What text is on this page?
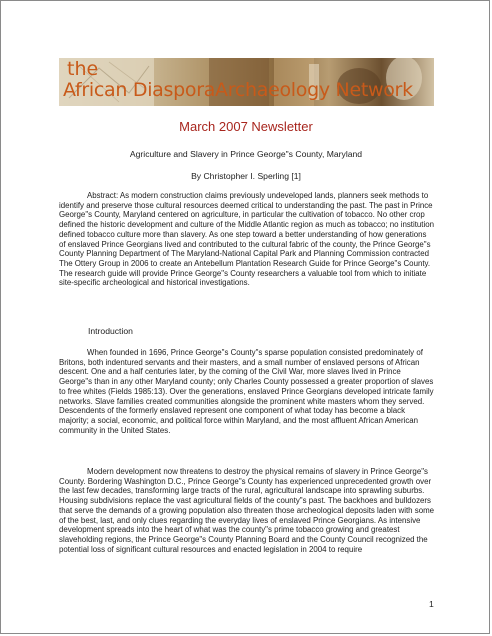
the
African DiasporaArchaeology Network
March 2007 Newsletter
Agriculture and Slavery in Prince George"s County, Maryland
By Christopher I. Sperling [1]

Abstract: As modern construction claims previously undeveloped lands, planners seek methods to identify and preserve those cultural resources deemed critical to understanding the past. The past in Prince George"s County, Maryland centered on agriculture, in particular the cultivation of tobacco. No other crop defined the historic development and culture of the Middle Atlantic region as much as tobacco; no institution defined tobacco culture more than slavery. As one step toward a better understanding of how generations of enslaved Prince Georgians lived and contributed to the cultural fabric of the county, the Prince George"s County Planning Department of The Maryland-National Capital Park and Planning Commission contracted The Ottery Group in 2006 to create an Antebellum Plantation Research Guide for Prince George"s County. The research guide will provide Prince George"s County researchers a valuable tool from which to initiate site-specific archeological and historical investigations.

Introduction

When founded in 1696, Prince George"s County"s sparse population consisted predominately of Britons, both indentured servants and their masters, and a small number of enslaved persons of African descent. One and a half centuries later, by the coming of the Civil War, more slaves lived in Prince George"s than in any other Maryland county; only Charles County possessed a greater proportion of slaves to free whites (Fields 1985:13). Over the generations, enslaved Prince Georgians developed intricate family networks. Slave families created communities alongside the prominent white masters whom they served. Descendents of the formerly enslaved represent one component of what today has become a black majority; a social, economic, and political force within Maryland, and the most affluent African American community in the United States.

Modern development now threatens to destroy the physical remains of slavery in Prince George"s County. Bordering Washington D.C., Prince George"s County has experienced unprecedented growth over the last few decades, transforming large tracts of the rural, agricultural landscape into sprawling suburbs. Housing subdivisions replace the vast agricultural fields of the county"s past. The backhoes and bulldozers that serve the demands of a growing population also threaten those archeological deposits laden with some of the best, last, and only clues regarding the everyday lives of enslaved Prince Georgians. As intensive development spreads into the heart of what was the county"s prime tobacco growing and greatest slaveholding regions, the Prince George"s County Planning Board and the County Council recognized the potential loss of significant cultural resources and enacted legislation in 2004 to require

1
